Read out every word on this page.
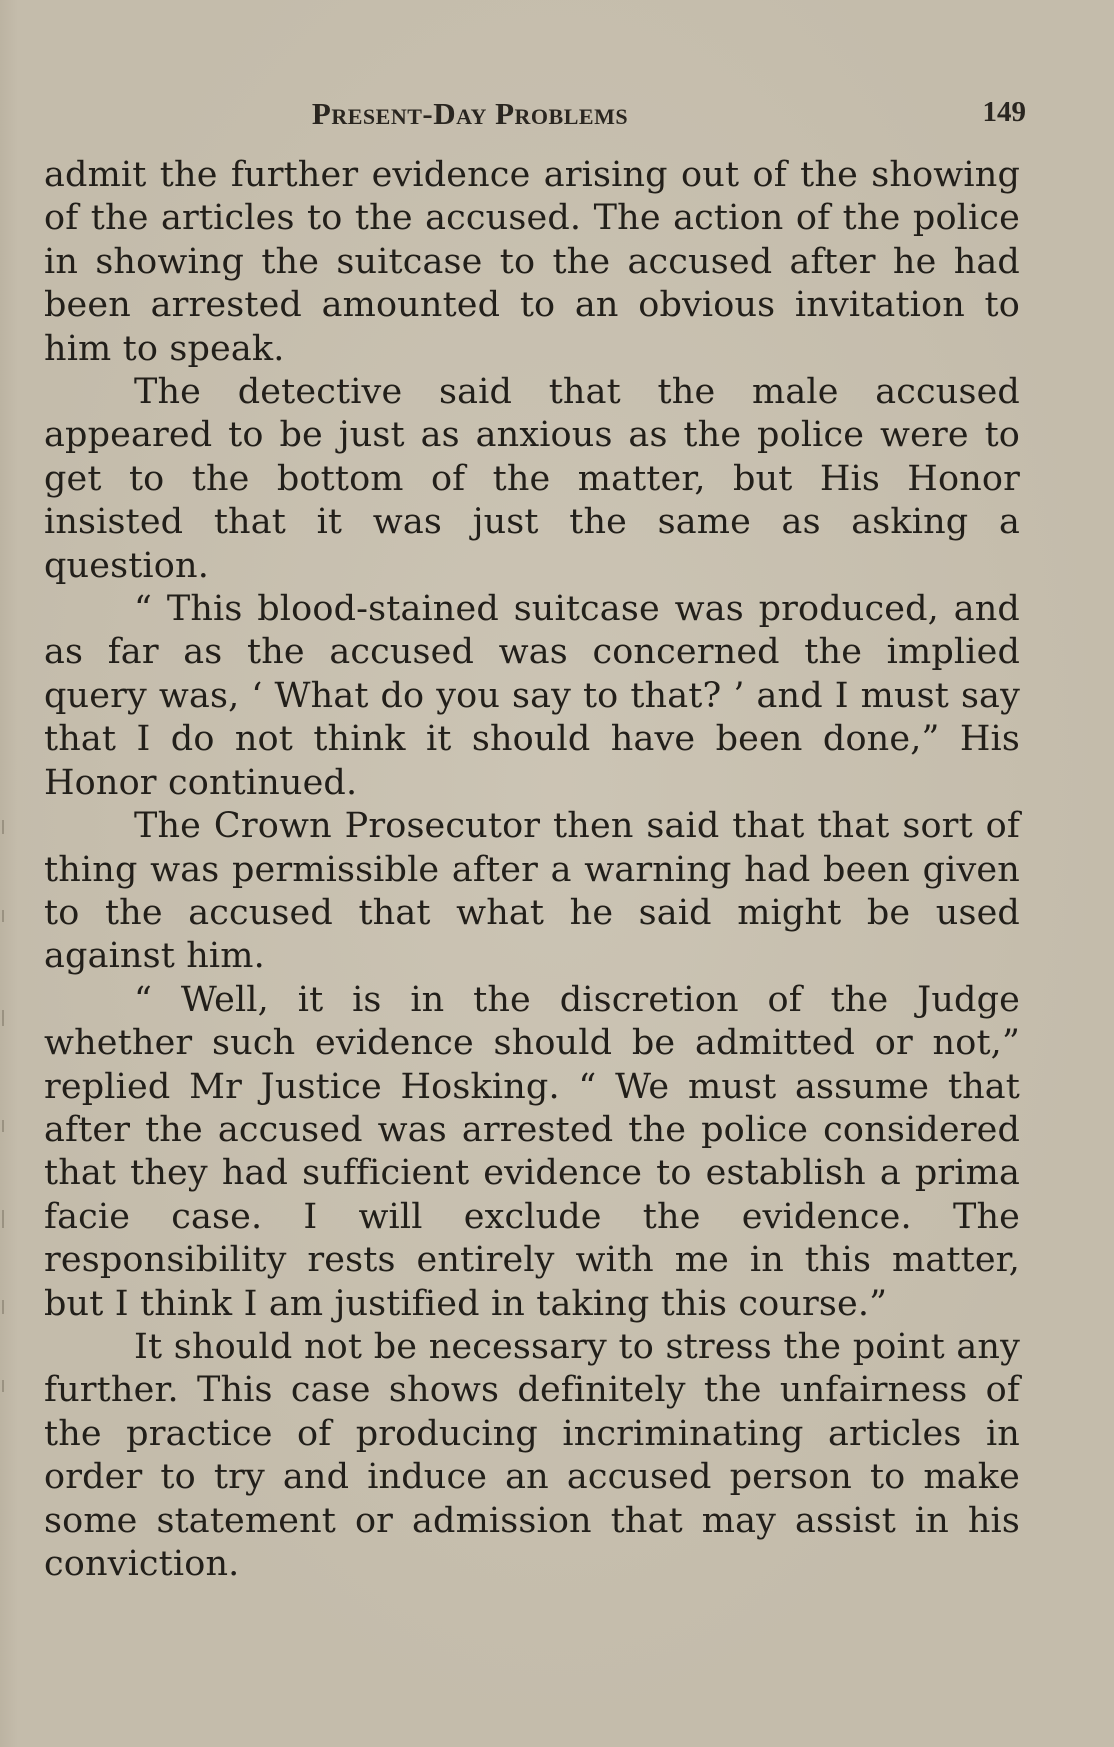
Present-Day Problems	149

admit the further evidence arising out of the showing of the articles to the accused. The action of the police in showing the suitcase to the accused after he had been arrested amounted to an obvious invitation to him to speak.

The detective said that the male accused appeared to be just as anxious as the police were to get to the bottom of the matter, but His Honor insisted that it was just the same as asking a question.

“ This blood-stained suitcase was produced, and as far as the accused was concerned the implied query was, ‘ What do you say to that? ’ and I must say that I do not think it should have been done,” His Honor continued.

The Crown Prosecutor then said that that sort of thing was permissible after a warning had been given to the accused that what he said might be used against him.

“ Well, it is in the discretion of the Judge whether such evidence should be admitted or not,” replied Mr Justice Hosking. “ We must assume that after the accused was arrested the police considered that they had sufficient evidence to establish a prima facie case. I will exclude the evidence. The responsibility rests entirely with me in this matter, but I think I am justified in taking this course.”

It should not be necessary to stress the point any further. This case shows definitely the unfairness of the practice of producing incriminating articles in order to try and induce an accused person to make some statement or admission that may assist in his conviction.
